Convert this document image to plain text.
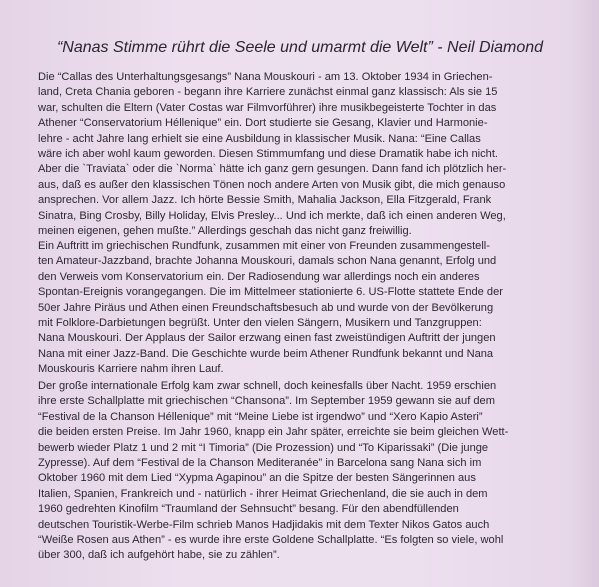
“Nanas Stimme rührt die Seele und umarmt die Welt” - Neil Diamond
Die “Callas des Unterhaltungsgesangs” Nana Mouskouri - am 13. Oktober 1934 in Griechen-
land, Creta Chania geboren - begann ihre Karriere zunächst einmal ganz klassisch: Als sie 15
war, schulten die Eltern (Vater Costas war Filmvorführer) ihre musikbegeisterte Tochter in das
Athener “Conservatorium Héllenique” ein. Dort studierte sie Gesang, Klavier und Harmonie-
lehre - acht Jahre lang erhielt sie eine Ausbildung in klassischer Musik. Nana: “Eine Callas
wäre ich aber wohl kaum geworden. Diesen Stimmumfang und diese Dramatik habe ich nicht.
Aber die `Traviata` oder die `Norma` hätte ich ganz gern gesungen. Dann fand ich plötzlich her-
aus, daß es außer den klassischen Tönen noch andere Arten von Musik gibt, die mich genauso
ansprechen. Vor allem Jazz. Ich hörte Bessie Smith, Mahalia Jackson, Ella Fitzgerald, Frank
Sinatra, Bing Crosby, Billy Holiday, Elvis Presley... Und ich merkte, daß ich einen anderen Weg,
meinen eigenen, gehen mußte.” Allerdings geschah das nicht ganz freiwillig.
Ein Auftritt im griechischen Rundfunk, zusammen mit einer von Freunden zusammengestell-
ten Amateur-Jazzband, brachte Johanna Mouskouri, damals schon Nana genannt, Erfolg und
den Verweis vom Konservatorium ein. Der Radiosendung war allerdings noch ein anderes
Spontan-Ereignis vorangegangen. Die im Mittelmeer stationierte 6. US-Flotte stattete Ende der
50er Jahre Piräus und Athen einen Freundschaftsbesuch ab und wurde von der Bevölkerung
mit Folklore-Darbietungen begrüßt. Unter den vielen Sängern, Musikern und Tanzgruppen:
Nana Mouskouri. Der Applaus der Sailor erzwang einen fast zweistündigen Auftritt der jungen
Nana mit einer Jazz-Band. Die Geschichte wurde beim Athener Rundfunk bekannt und Nana
Mouskouris Karriere nahm ihren Lauf.
Der große internationale Erfolg kam zwar schnell, doch keinesfalls über Nacht. 1959 erschien
ihre erste Schallplatte mit griechischen “Chansona”. Im September 1959 gewann sie auf dem
“Festival de la Chanson Héllenique” mit “Meine Liebe ist irgendwo” und “Xero Kapio Asteri”
die beiden ersten Preise. Im Jahr 1960, knapp ein Jahr später, erreichte sie beim gleichen Wett-
bewerb wieder Platz 1 und 2 mit “I Timoria” (Die Prozession) und “To Kiparissaki” (Die junge
Zypresse). Auf dem “Festival de la Chanson Mediteranée” in Barcelona sang Nana sich im
Oktober 1960 mit dem Lied “Xypma Agapinou” an die Spitze der besten Sängerinnen aus
Italien, Spanien, Frankreich und - natürlich - ihrer Heimat Griechenland, die sie auch in dem
1960 gedrehten Kinofilm “Traumland der Sehnsucht” besang. Für den abendfüllenden
deutschen Touristik-Werbe-Film schrieb Manos Hadjidakis mit dem Texter Nikos Gatos auch
“Weiße Rosen aus Athen” - es wurde ihre erste Goldene Schallplatte. “Es folgten so viele, wohl
über 300, daß ich aufgehört habe, sie zu zählen”.
